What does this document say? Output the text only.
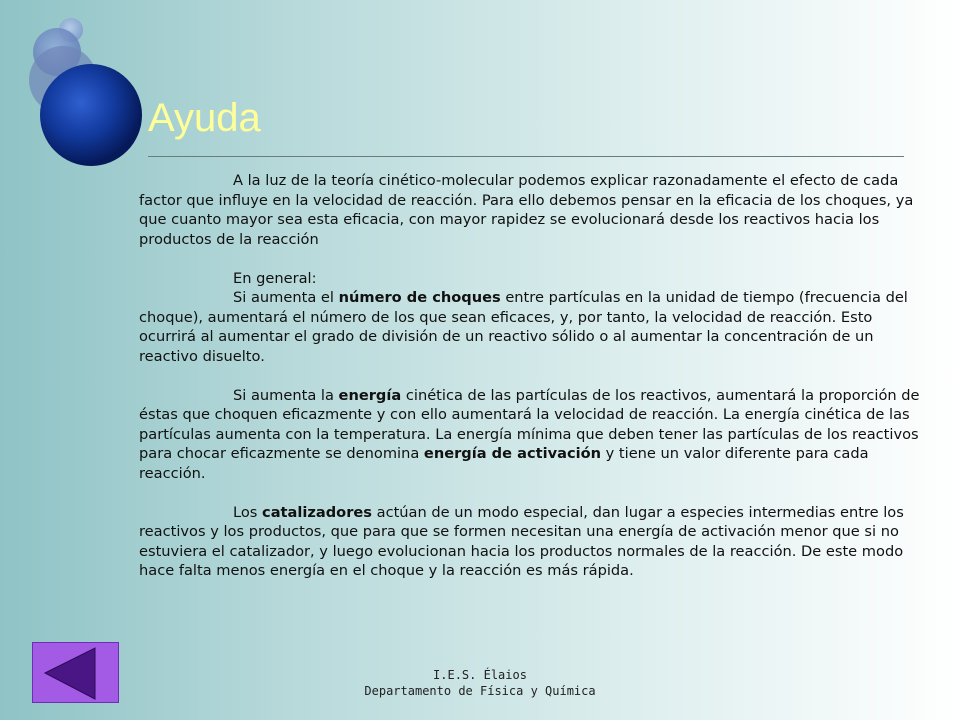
Ayuda

A la luz de la teoría cinético-molecular podemos explicar razonadamente el efecto de cada factor que influye en la velocidad de reacción. Para ello debemos pensar en la eficacia de los choques, ya que cuanto mayor sea esta eficacia, con mayor rapidez se evolucionará desde los reactivos hacia los productos de la reacción

En general:

Si aumenta el número de choques entre partículas en la unidad de tiempo (frecuencia del choque), aumentará el número de los que sean eficaces, y, por tanto, la velocidad de reacción. Esto ocurrirá al aumentar el grado de división de un reactivo sólido o al aumentar la concentración de un reactivo disuelto.

Si aumenta la energía cinética de las partículas de los reactivos, aumentará la proporción de éstas que choquen eficazmente y con ello aumentará la velocidad de reacción. La energía cinética de las partículas aumenta con la temperatura. La energía mínima que deben tener las partículas de los reactivos para chocar eficazmente se denomina energía de activación y tiene un valor diferente para cada reacción.

Los catalizadores actúan de un modo especial, dan lugar a especies intermedias entre los reactivos y los productos, que para que se formen necesitan una energía de activación menor que si no estuviera el catalizador, y luego evolucionan hacia los productos normales de la reacción. De este modo hace falta menos energía en el choque y la reacción es más rápida.

I.E.S. Élaios
Departamento de Física y Química
